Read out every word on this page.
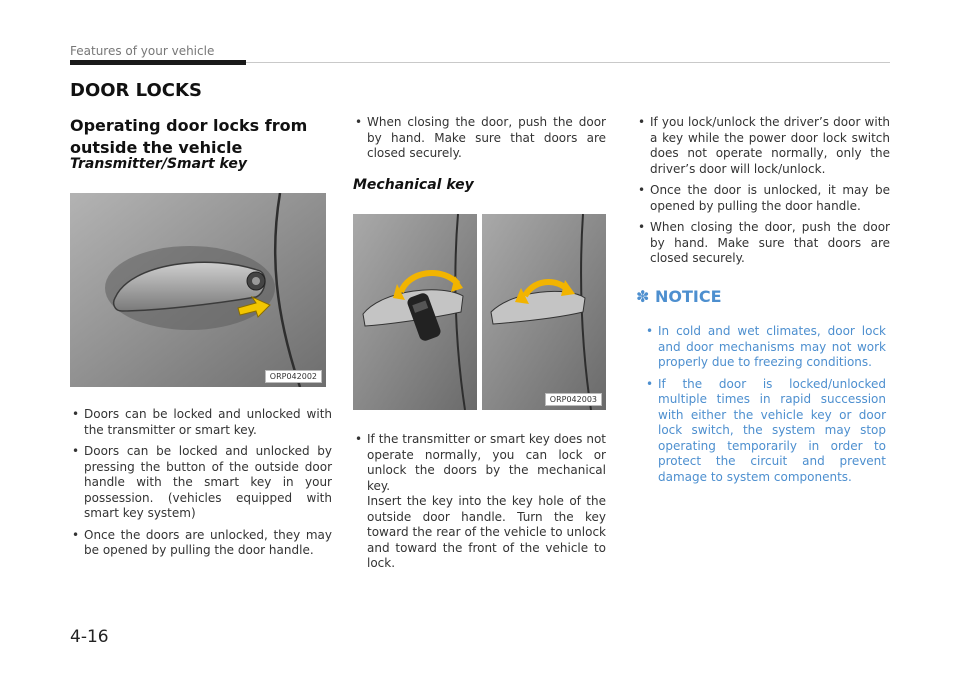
Features of your vehicle
DOOR LOCKS
Operating door locks from outside the vehicle

Transmitter/Smart key

ORP042002
• Doors can be locked and unlocked with the transmitter or smart key.
• Doors can be locked and unlocked by pressing the button of the outside door handle with the smart key in your possession. (vehicles equipped with smart key system)
• Once the doors are unlocked, they may be opened by pulling the door handle.
• When closing the door, push the door by hand. Make sure that doors are closed securely.

Mechanical key

ORP042003
• If the transmitter or smart key does not operate normally, you can lock or unlock the doors by the mechanical key.
Insert the key into the key hole of the outside door handle. Turn the key toward the rear of the vehicle to unlock and toward the front of the vehicle to lock.
• If you lock/unlock the driver’s door with a key while the power door lock switch does not operate normally, only the driver’s door will lock/unlock.
• Once the door is unlocked, it may be opened by pulling the door handle.
• When closing the door, push the door by hand. Make sure that doors are closed securely.
✽ NOTICE
• In cold and wet climates, door lock and door mechanisms may not work properly due to freezing conditions.
• If the door is locked/unlocked multiple times in rapid succession with either the vehicle key or door lock switch, the system may stop operating temporarily in order to protect the circuit and prevent damage to system components.
4-16
